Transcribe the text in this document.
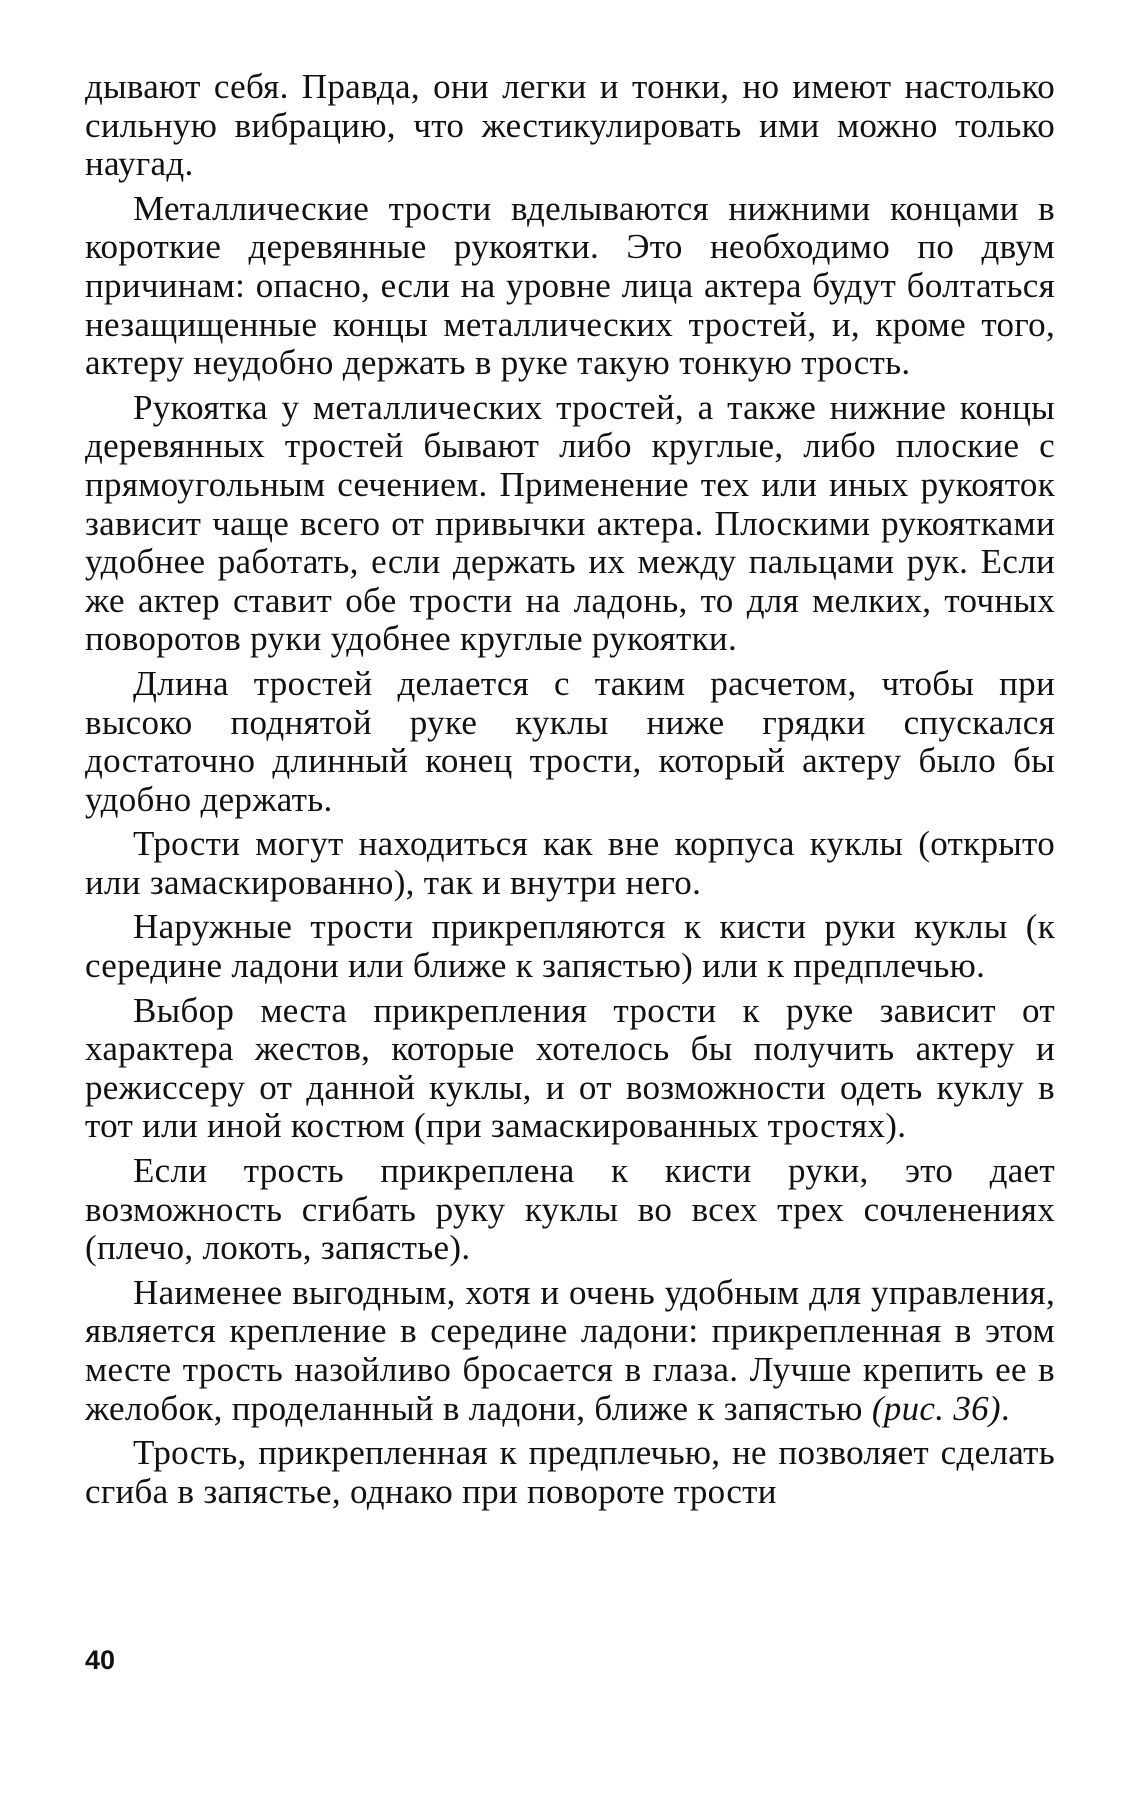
дывают себя. Правда, они легки и тонки, но имеют настолько сильную вибрацию, что жестикулировать ими можно только наугад.

Металлические трости вделываются нижними концами в короткие деревянные рукоятки. Это необходимо по двум причинам: опасно, если на уровне лица актера будут болтаться незащищенные концы металлических тростей, и, кроме того, актеру неудобно держать в руке такую тонкую трость.

Рукоятка у металлических тростей, а также нижние концы деревянных тростей бывают либо круглые, либо плоские с прямоугольным сечением. Применение тех или иных рукояток зависит чаще всего от привычки актера. Плоскими рукоятками удобнее работать, если держать их между пальцами рук. Если же актер ставит обе трости на ладонь, то для мелких, точных поворотов руки удобнее круглые рукоятки.

Длина тростей делается с таким расчетом, чтобы при высоко поднятой руке куклы ниже грядки спускался достаточно длинный конец трости, который актеру было бы удобно держать.

Трости могут находиться как вне корпуса куклы (открыто или замаскированно), так и внутри него.

Наружные трости прикрепляются к кисти руки куклы (к середине ладони или ближе к запястью) или к предплечью.

Выбор места прикрепления трости к руке зависит от характера жестов, которые хотелось бы получить актеру и режиссеру от данной куклы, и от возможности одеть куклу в тот или иной костюм (при замаскированных тростях).

Если трость прикреплена к кисти руки, это дает возможность сгибать руку куклы во всех трех сочленениях (плечо, локоть, запястье).

Наименее выгодным, хотя и очень удобным для управления, является крепление в середине ладони: прикрепленная в этом месте трость назойливо бросается в глаза. Лучше крепить ее в желобок, проделанный в ладони, ближе к запястью (рис. 36).

Трость, прикрепленная к предплечью, не позволяет сделать сгиба в запястье, однако при повороте трости

40
